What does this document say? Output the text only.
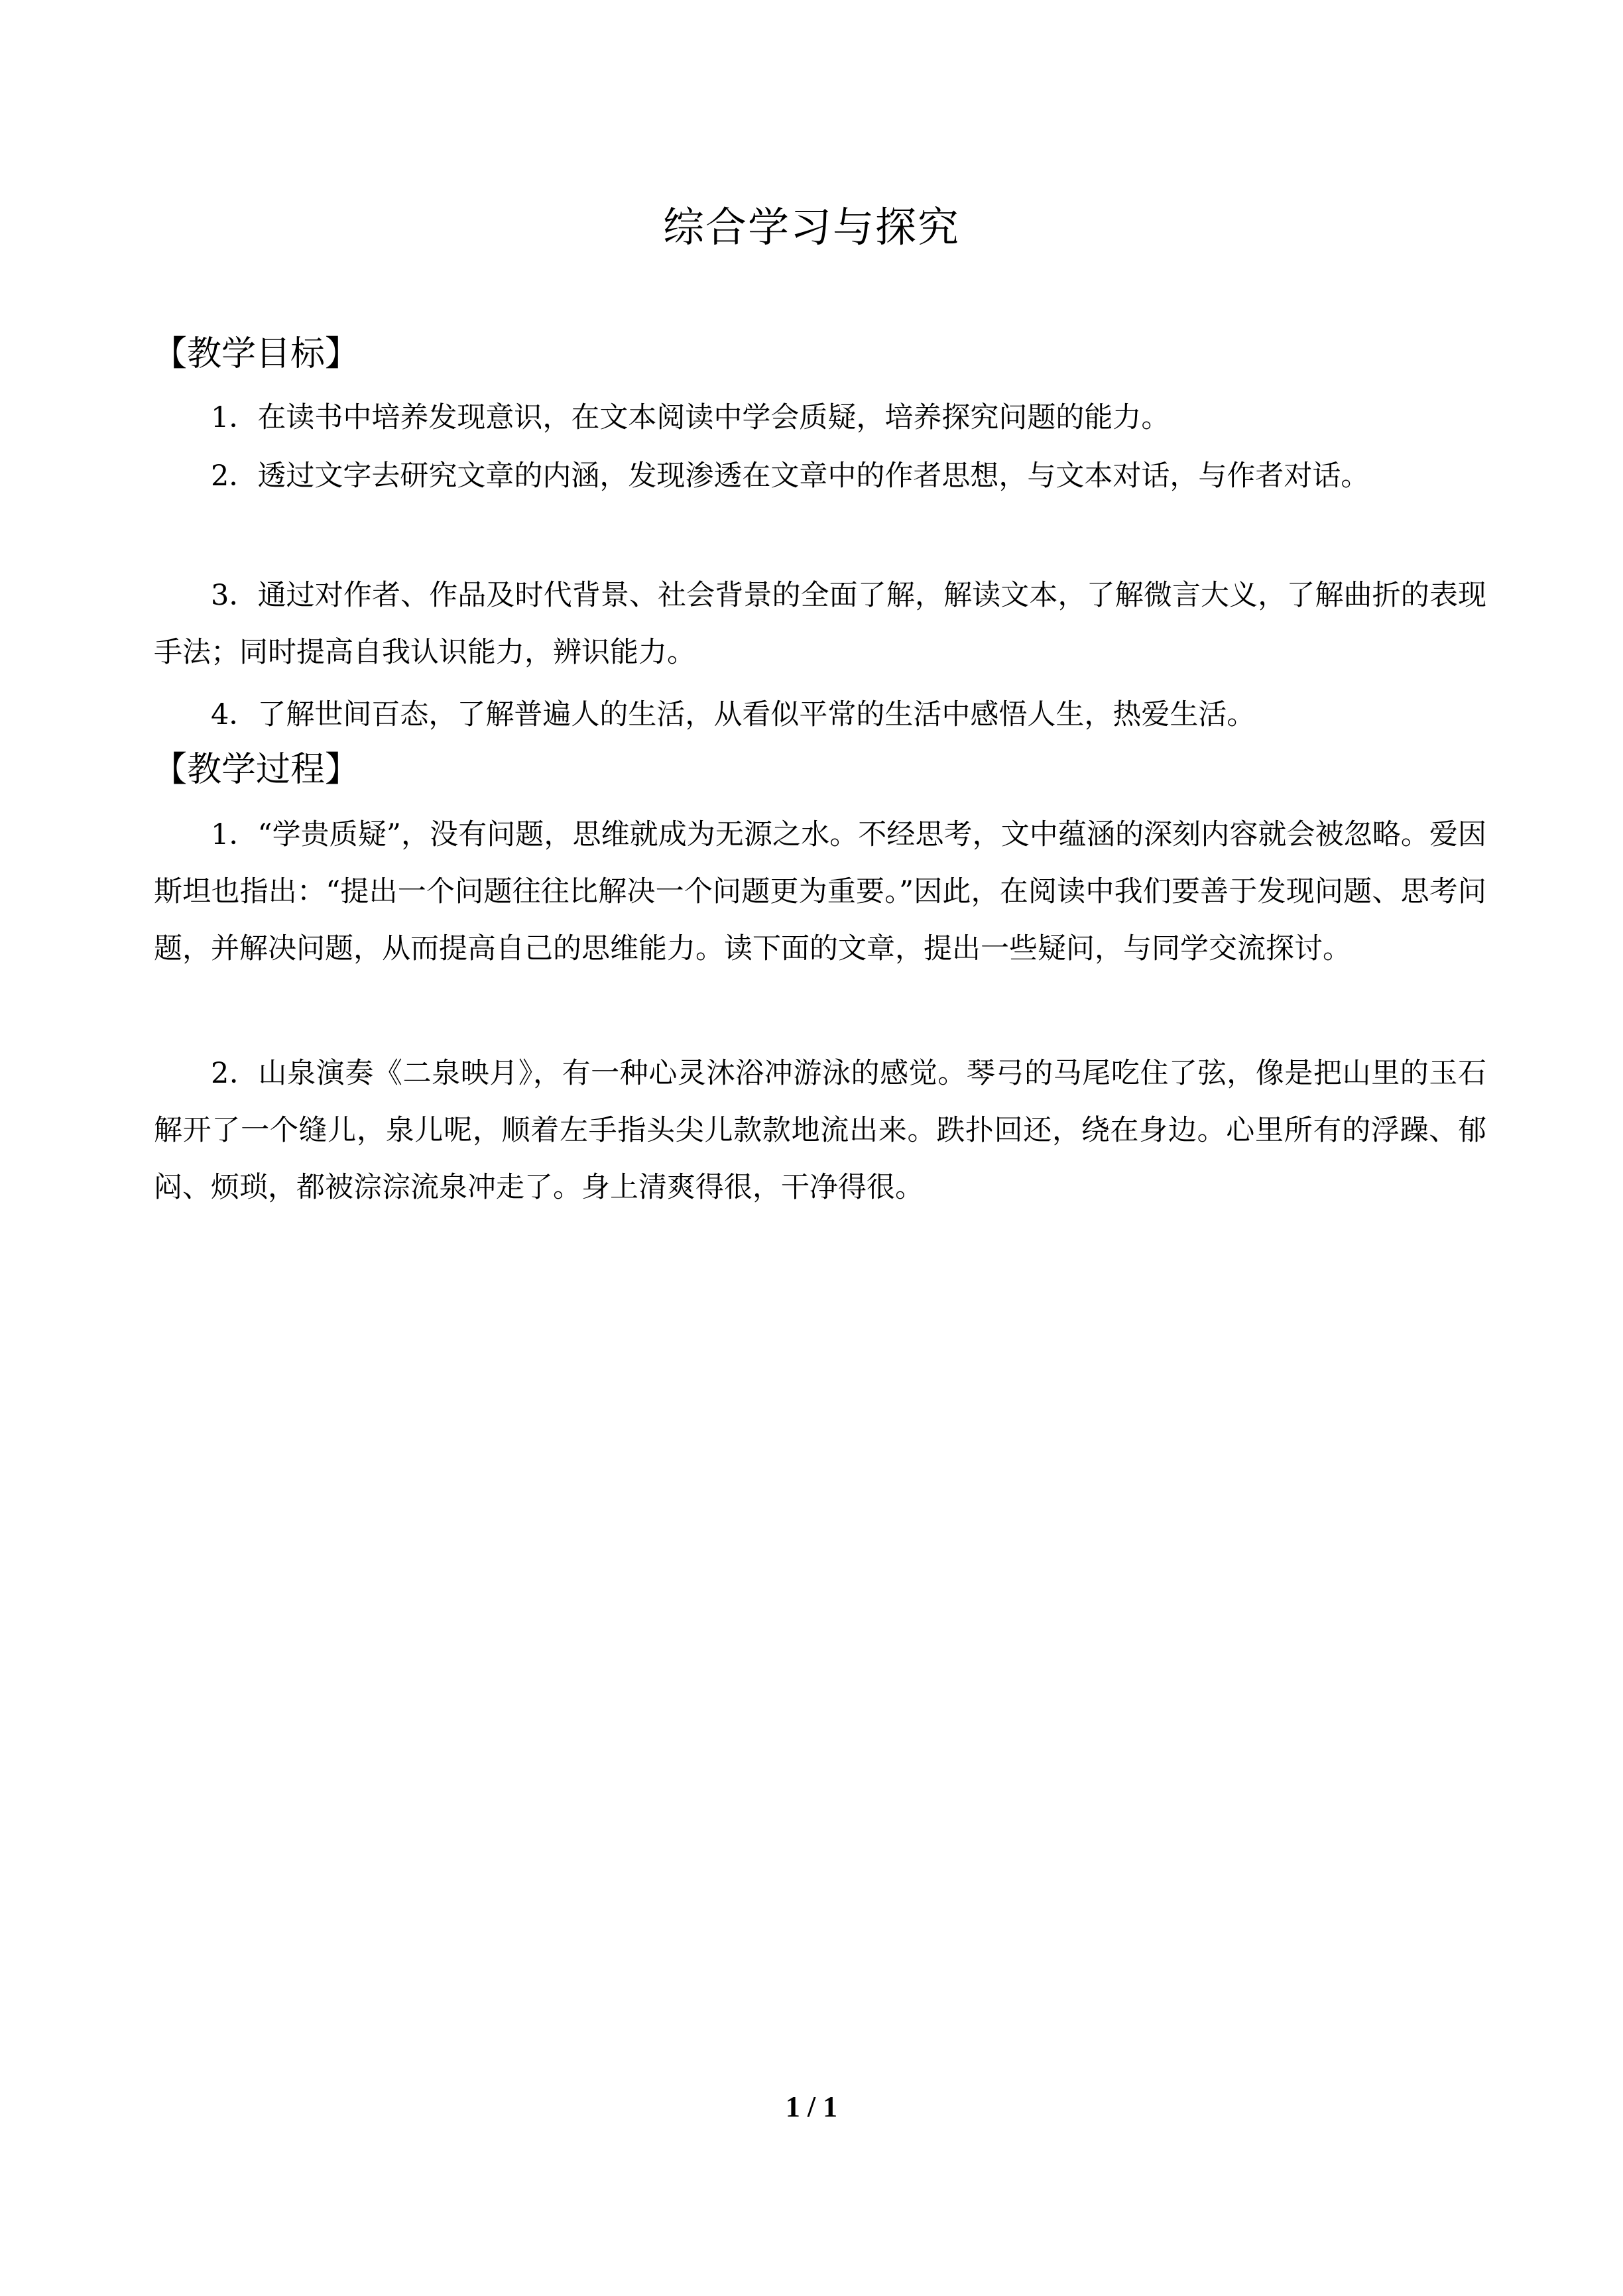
综合学习与探究
【教学目标】

1．在读书中培养发现意识，在文本阅读中学会质疑，培养探究问题的能力。

2．透过文字去研究文章的内涵，发现渗透在文章中的作者思想，与文本对话，与作者对话。

3．通过对作者、作品及时代背景、社会背景的全面了解，解读文本，了解微言大义，了解曲折的表现手法；同时提高自我认识能力，辨识能力。

4．了解世间百态，了解普遍人的生活，从看似平常的生活中感悟人生，热爱生活。

【教学过程】

1．“学贵质疑”，没有问题，思维就成为无源之水。不经思考，文中蕴涵的深刻内容就会被忽略。爱因斯坦也指出：“提出一个问题往往比解决一个问题更为重要。”因此，在阅读中我们要善于发现问题、思考问题，并解决问题，从而提高自己的思维能力。读下面的文章，提出一些疑问，与同学交流探讨。

2．山泉演奏《二泉映月》，有一种心灵沐浴冲游泳的感觉。琴弓的马尾吃住了弦，像是把山里的玉石解开了一个缝儿，泉儿呢，顺着左手指头尖儿款款地流出来。跌扑回还，绕在身边。心里所有的浮躁、郁闷、烦琐，都被淙淙流泉冲走了。身上清爽得很，干净得很。

1 / 1
